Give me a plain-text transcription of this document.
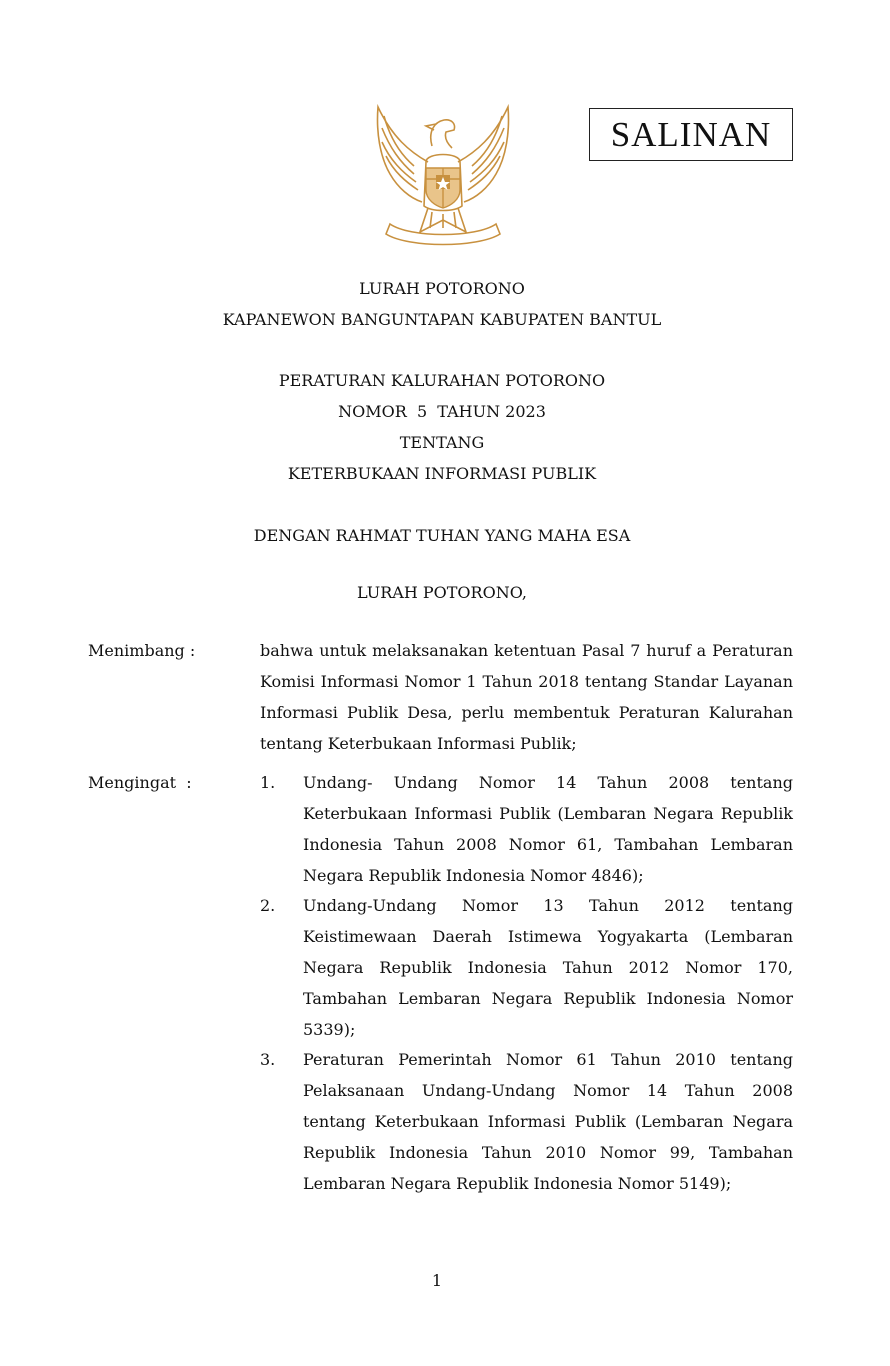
SALINAN
LURAH POTORONO
KAPANEWON BANGUNTAPAN KABUPATEN BANTUL
PERATURAN KALURAHAN POTORONO
NOMOR  5  TAHUN 2023
TENTANG
KETERBUKAAN INFORMASI PUBLIK
DENGAN RAHMAT TUHAN YANG MAHA ESA
LURAH POTORONO,
Menimbang :	bahwa untuk melaksanakan ketentuan Pasal 7 huruf a Peraturan Komisi Informasi Nomor 1 Tahun 2018 tentang Standar Layanan Informasi Publik Desa, perlu membentuk Peraturan Kalurahan tentang Keterbukaan Informasi Publik;
Mengingat  :	1. Undang- Undang Nomor 14 Tahun 2008 tentang Keterbukaan Informasi Publik (Lembaran Negara Republik Indonesia Tahun 2008 Nomor 61, Tambahan Lembaran Negara Republik Indonesia Nomor 4846);
2. Undang-Undang Nomor 13 Tahun 2012 tentang Keistimewaan Daerah Istimewa Yogyakarta (Lembaran Negara Republik Indonesia Tahun 2012 Nomor 170, Tambahan Lembaran Negara Republik Indonesia Nomor 5339);
3. Peraturan Pemerintah Nomor 61 Tahun 2010 tentang Pelaksanaan Undang-Undang Nomor 14 Tahun 2008 tentang Keterbukaan Informasi Publik (Lembaran Negara Republik Indonesia Tahun 2010 Nomor 99, Tambahan Lembaran Negara Republik Indonesia Nomor 5149);
1
